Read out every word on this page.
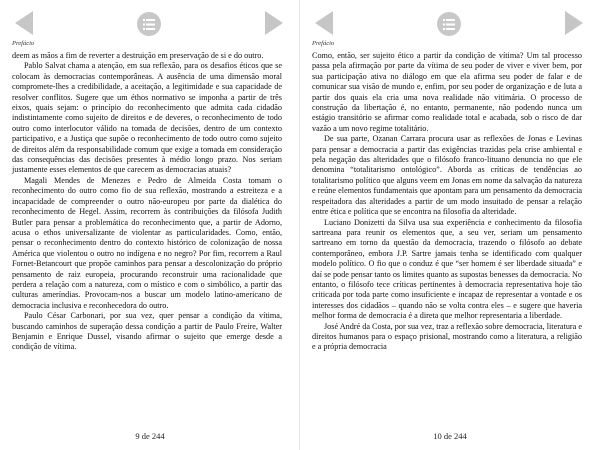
Prefácio

deem as mãos a fim de reverter a destruição em preservação de si e do outro.

Pablo Salvat chama a atenção, em sua reflexão, para os desafios éticos que se colocam às democracias contemporâneas. A ausência de uma dimensão moral compromete-lhes a credibilidade, a aceitação, a legitimidade e sua capacidade de resolver conflitos. Sugere que um éthos normativo se imponha a partir de três eixos, quais sejam: o princípio do reconhecimento que admita cada cidadão indistintamente como sujeito de direitos e de deveres, o reconhecimento de todo outro como interlocutor válido na tomada de decisões, dentro de um contexto participativo, e a Justiça que supõe o reconhecimento de todo outro como sujeito de direitos além da responsabilidade comum que exige a tomada em consideração das consequências das decisões presentes à médio longo prazo. Nos seriam justamente esses elementos de que carecem as democracias atuais?

Magali Mendes de Menezes e Pedro de Almeida Costa tomam o reconhecimento do outro como fio de sua reflexão, mostrando a estreiteza e a incapacidade de compreender o outro não-europeu por parte da dialética do reconhecimento de Hegel. Assim, recorrem às contribuições da filósofa Judith Butler para pensar a problemática do reconhecimento que, a partir de Adorno, acusa o ethos universalizante de violentar as particularidades. Como, então, pensar o reconhecimento dentro do contexto histórico de colonização de nossa América que violentou o outro no indígena e no negro? Por fim, recorrem a Raul Fornet-Betancourt que propõe caminhos para pensar a descolonização do próprio pensamento de raiz europeia, procurando reconstruir uma racionalidade que perdera a relação com a natureza, com o místico e com o simbólico, a partir das culturas ameríndias. Provocam-nos a buscar um modelo latino-americano de democracia inclusiva e reconhecedora do outro.

Paulo César Carbonari, por sua vez, quer pensar a condição da vítima, buscando caminhos de superação dessa condição a partir de Paulo Freire, Walter Benjamin e Enrique Dussel, visando afirmar o sujeito que emerge desde a condição de vítima.

9 de 244
Prefácio

Como, então, ser sujeito ético a partir da condição de vítima? Um tal processo passa pela afirmação por parte da vítima de seu poder de viver e viver bem, por sua participação ativa no diálogo em que ela afirma seu poder de falar e de comunicar sua visão de mundo e, enfim, por seu poder de organização e de luta a partir dos quais ela cria uma nova realidade não vitimária. O processo de construção da libertação é, no entanto, permanente, não podendo nunca um estágio transitório se afirmar como realidade total e acabada, sob o risco de dar vazão a um novo regime totalitário.

De sua parte, Ozanan Carrara procura usar as reflexões de Jonas e Levinas para pensar a democracia a partir das exigências trazidas pela crise ambiental e pela negação das alteridades que o filósofo franco-lituano denuncia no que ele denomina “totalitarismo ontológico”. Aborda as críticas de tendências ao totalitarismo político que alguns veem em Jonas em nome da salvação da natureza e reúne elementos fundamentais que apontam para um pensamento da democracia respeitadora das alteridades a partir de um modo insuitado de pensar a relação entre ética e política que se encontra na filosofia da alteridade.

Luciano Donizetti da Silva usa sua experiência e conhecimento da filosofia sartreana para reunir os elementos que, a seu ver, seriam um pensamento sartreano em torno da questão da democracia, trazendo o filósofo ao debate contemporâneo, embora J.P. Sartre jamais tenha se identificado com qualquer modelo político. O fio que o conduz é que “ser homem é ser liberdade situada” e daí se pode pensar tanto os limites quanto as supostas benesses da democracia. No entanto, o filósofo tece críticas pertinentes à democracia representativa hoje tão criticada por toda parte como insuficiente e incapaz de representar a vontade e os interesses dos cidadãos – quando não se volta contra eles – e sugere que haveria melhor forma de democracia é a direta que melhor representaria a liberdade.

José André da Costa, por sua vez, traz a reflexão sobre democracia, literatura e direitos humanos para o espaço prisional, mostrando como a literatura, a religião e a própria democracia

10 de 244
